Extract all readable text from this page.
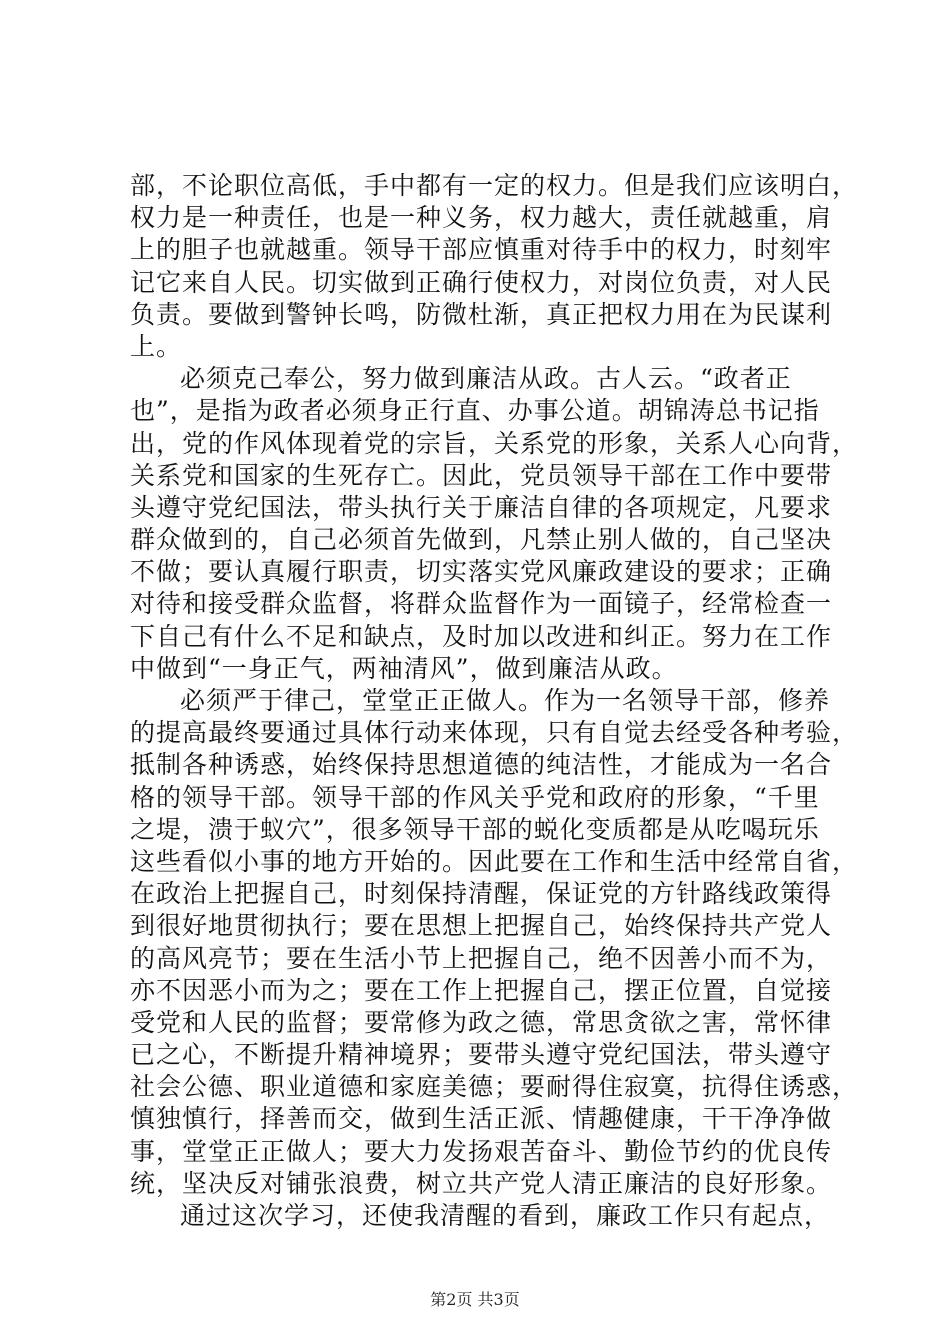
部，不论职位高低，手中都有一定的权力。但是我们应该明白，
权力是一种责任，也是一种义务，权力越大，责任就越重，肩
上的胆子也就越重。领导干部应慎重对待手中的权力，时刻牢
记它来自人民。切实做到正确行使权力，对岗位负责，对人民
负责。要做到警钟长鸣，防微杜渐，真正把权力用在为民谋利
上。
必须克己奉公，努力做到廉洁从政。古人云。“政者正
也”，是指为政者必须身正行直、办事公道。胡锦涛总书记指
出，党的作风体现着党的宗旨，关系党的形象，关系人心向背，
关系党和国家的生死存亡。因此，党员领导干部在工作中要带
头遵守党纪国法，带头执行关于廉洁自律的各项规定，凡要求
群众做到的，自己必须首先做到，凡禁止别人做的，自己坚决
不做；要认真履行职责，切实落实党风廉政建设的要求；正确
对待和接受群众监督，将群众监督作为一面镜子，经常检查一
下自己有什么不足和缺点，及时加以改进和纠正。努力在工作
中做到“一身正气，两袖清风”，做到廉洁从政。
必须严于律己，堂堂正正做人。作为一名领导干部，修养
的提高最终要通过具体行动来体现，只有自觉去经受各种考验，
抵制各种诱惑，始终保持思想道德的纯洁性，才能成为一名合
格的领导干部。领导干部的作风关乎党和政府的形象，“千里
之堤，溃于蚁穴”，很多领导干部的蜕化变质都是从吃喝玩乐
这些看似小事的地方开始的。因此要在工作和生活中经常自省，
在政治上把握自己，时刻保持清醒，保证党的方针路线政策得
到很好地贯彻执行；要在思想上把握自己，始终保持共产党人
的高风亮节；要在生活小节上把握自己，绝不因善小而不为，
亦不因恶小而为之；要在工作上把握自己，摆正位置，自觉接
受党和人民的监督；要常修为政之德，常思贪欲之害，常怀律
已之心，不断提升精神境界；要带头遵守党纪国法，带头遵守
社会公德、职业道德和家庭美德；要耐得住寂寞，抗得住诱惑，
慎独慎行，择善而交，做到生活正派、情趣健康，干干净净做
事，堂堂正正做人；要大力发扬艰苦奋斗、勤俭节约的优良传
统，坚决反对铺张浪费，树立共产党人清正廉洁的良好形象。
通过这次学习，还使我清醒的看到，廉政工作只有起点，
第2页 共3页
